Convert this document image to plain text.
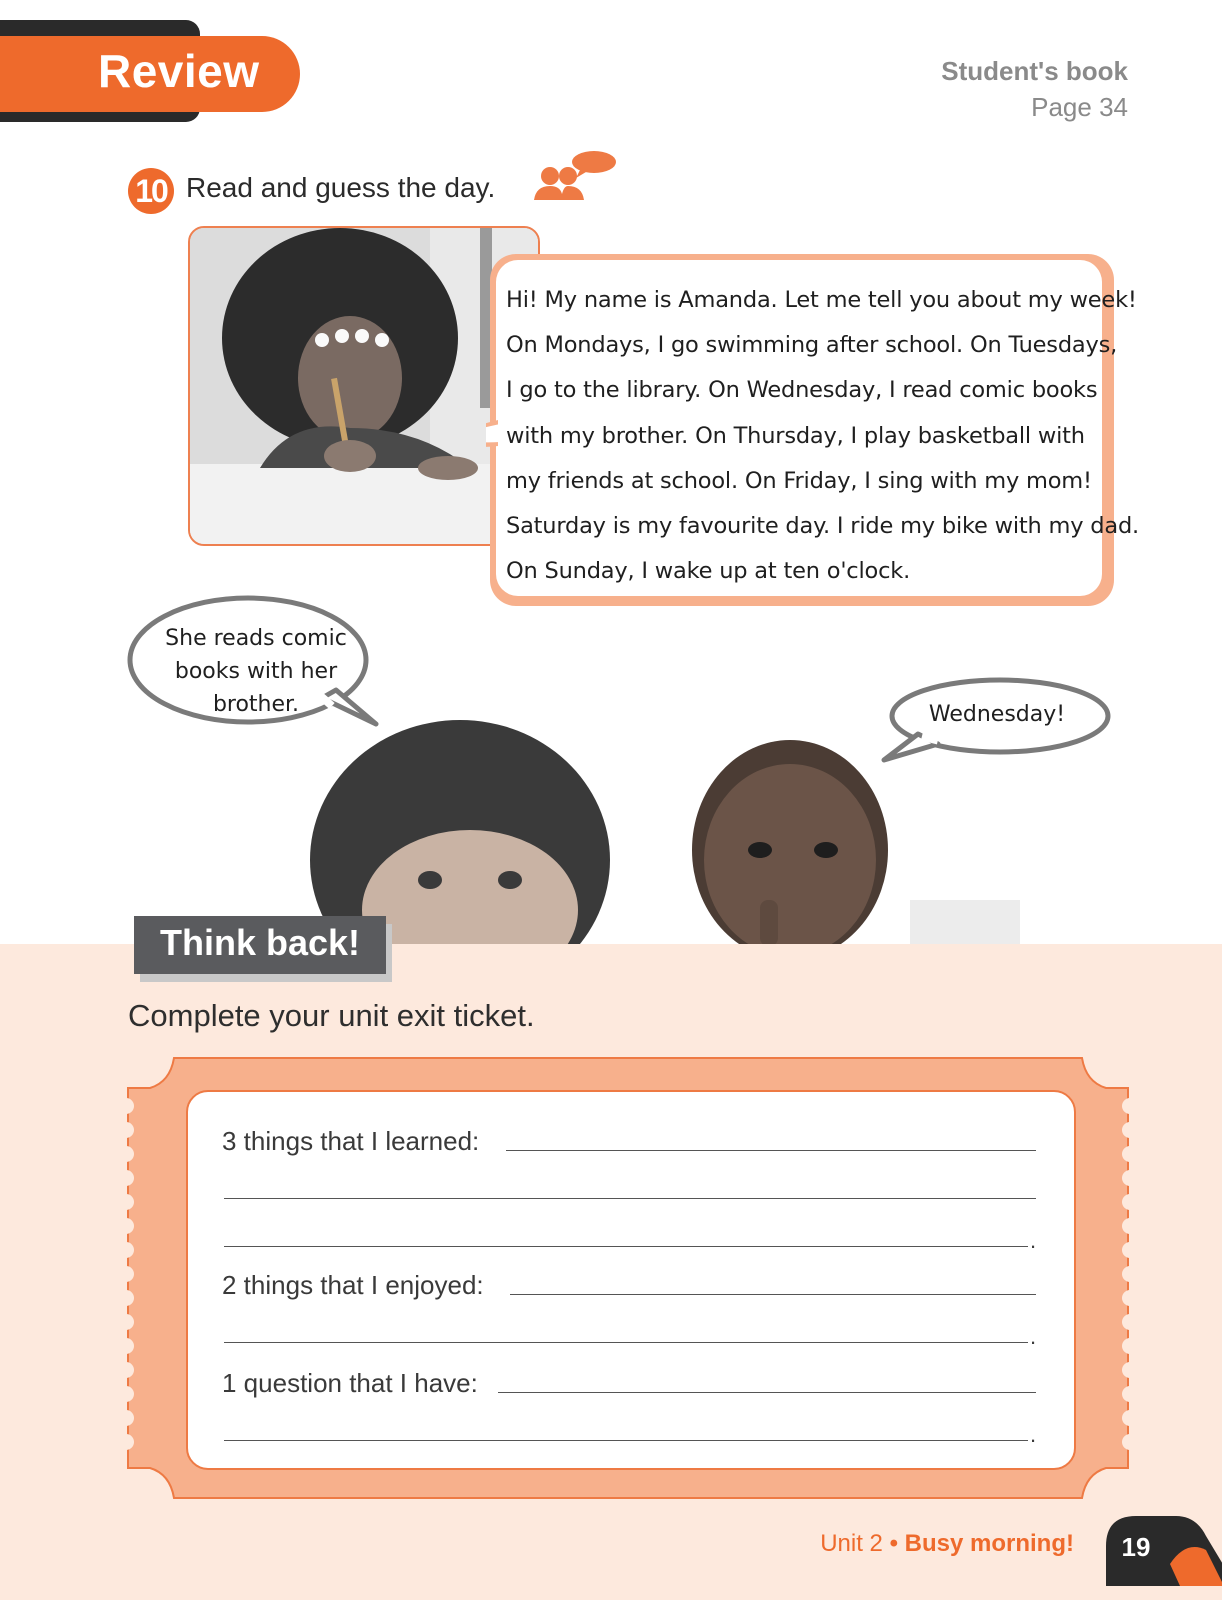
Review	Student's book
Page 34
10 Read and guess the day.
Hi! My name is Amanda. Let me tell you about my week!
On Mondays, I go swimming after school. On Tuesdays,
I go to the library. On Wednesday, I read comic books
with my brother. On Thursday, I play basketball with
my friends at school. On Friday, I sing with my mom!
Saturday is my favourite day. I ride my bike with my dad.
On Sunday, I wake up at ten o'clock.
She reads comic
books with her
brother.	Wednesday!
Think back!
Complete your unit exit ticket.
3 things that I learned:
.
2 things that I enjoyed:
.
1 question that I have:
.
Unit 2 • Busy morning!	19
